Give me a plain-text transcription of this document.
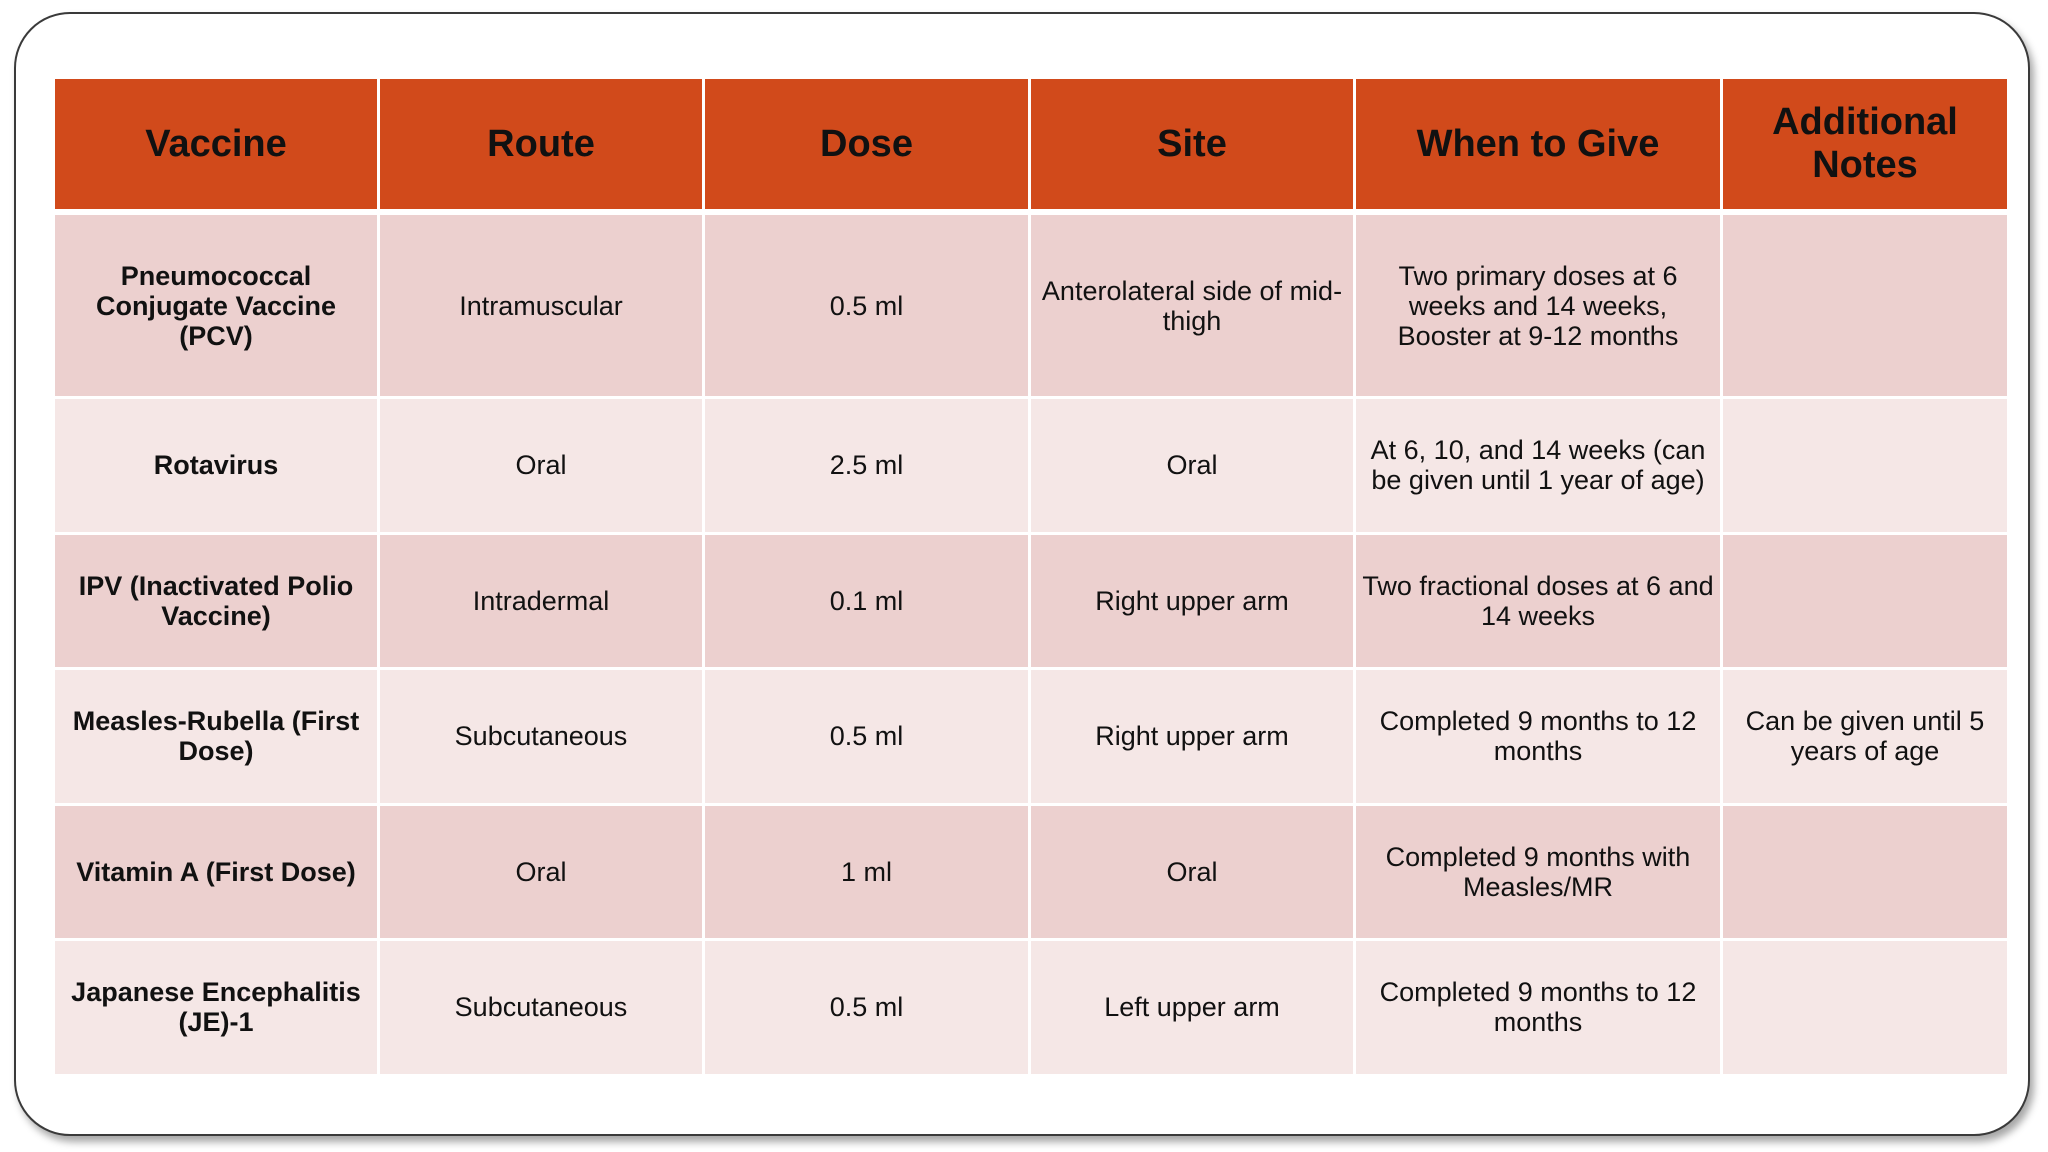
Vaccine	Route	Dose	Site	When to Give	Additional Notes
Pneumococcal Conjugate Vaccine (PCV)	Intramuscular	0.5 ml	Anterolateral side of mid-thigh	Two primary doses at 6 weeks and 14 weeks, Booster at 9-12 months	
Rotavirus	Oral	2.5 ml	Oral	At 6, 10, and 14 weeks (can be given until 1 year of age)	
IPV (Inactivated Polio Vaccine)	Intradermal	0.1 ml	Right upper arm	Two fractional doses at 6 and 14 weeks	
Measles-Rubella (First Dose)	Subcutaneous	0.5 ml	Right upper arm	Completed 9 months to 12 months	Can be given until 5 years of age
Vitamin A (First Dose)	Oral	1 ml	Oral	Completed 9 months with Measles/MR	
Japanese Encephalitis (JE)-1	Subcutaneous	0.5 ml	Left upper arm	Completed 9 months to 12 months	
